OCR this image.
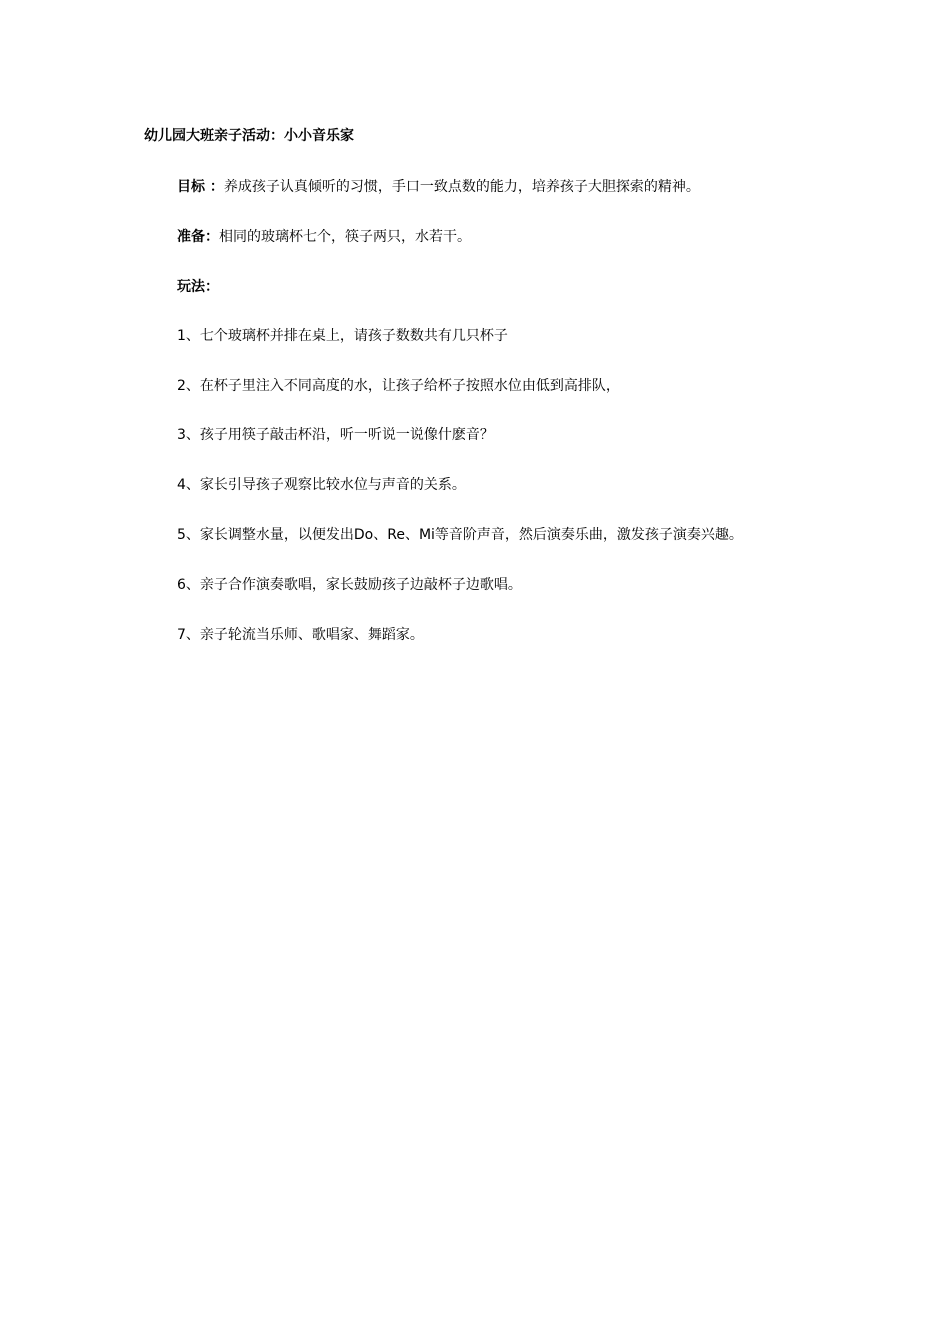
幼儿园大班亲子活动：小小音乐家
目标 ：养成孩子认真倾听的习惯，手口一致点数的能力，培养孩子大胆探索的精神。
准备：相同的玻璃杯七个，筷子两只，水若干。
玩法：
1、七个玻璃杯并排在桌上，请孩子数数共有几只杯子
2、在杯子里注入不同高度的水，让孩子给杯子按照水位由低到高排队，
3、孩子用筷子敲击杯沿，听一听说一说像什麽音？
4、家长引导孩子观察比较水位与声音的关系。
5、家长调整水量，以便发出Do、Re、Mi等音阶声音，然后演奏乐曲，激发孩子演奏兴趣。
6、亲子合作演奏歌唱，家长鼓励孩子边敲杯子边歌唱。
7、亲子轮流当乐师、歌唱家、舞蹈家。
